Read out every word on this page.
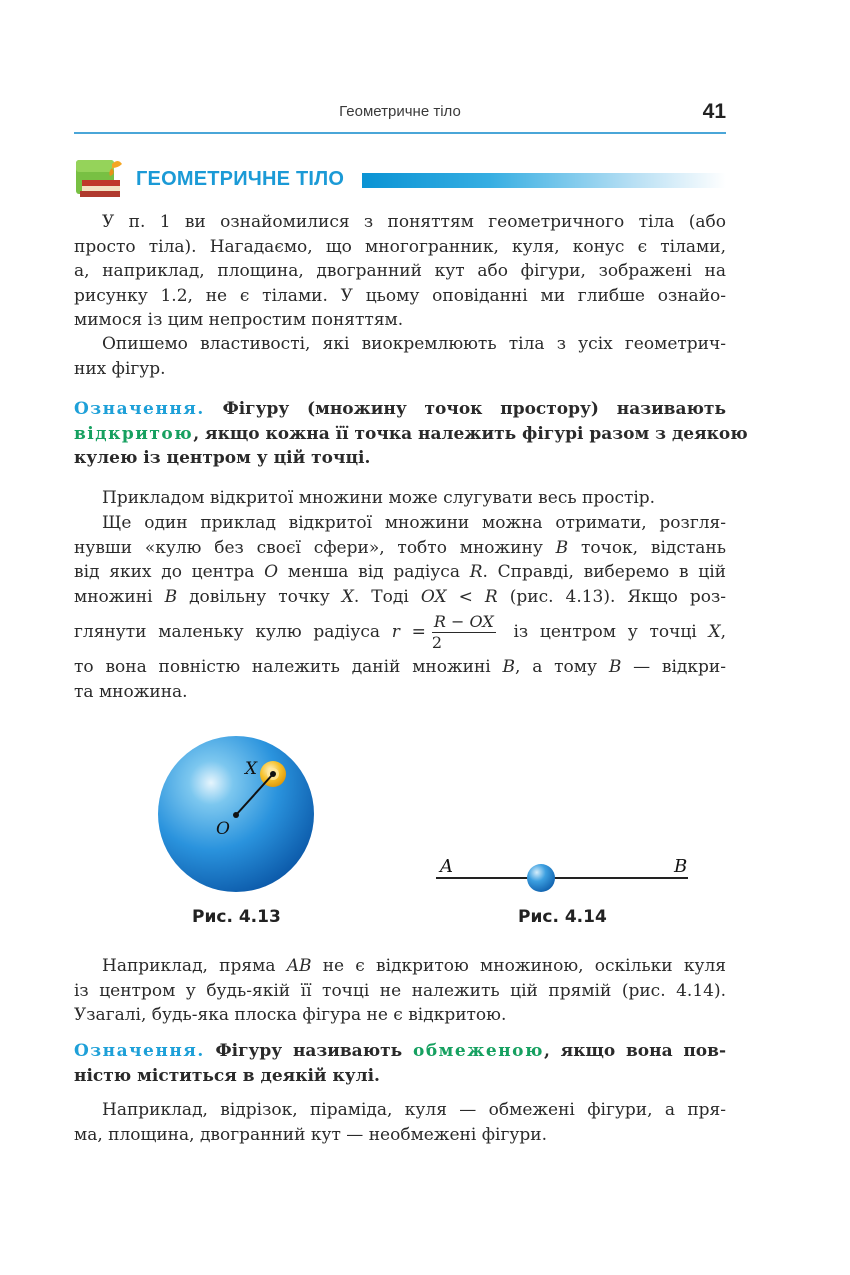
Геометричне тіло	41
ГЕОМЕТРИЧНЕ ТІЛО
У п. 1 ви ознайомилися з поняттям геометричного тіла (або
просто тіла). Нагадаємо, що многогранник, куля, конус є тілами,
а, наприклад, площина, двогранний кут або фігури, зображені на
рисунку 1.2, не є тілами. У цьому оповіданні ми глибше ознайо-
мимося із цим непростим поняттям.
Опишемо властивості, які виокремлюють тіла з усіх геометрич-
них фігур.
Означення. Фігуру (множину точок простору) називають
відкритою, якщо кожна її точка належить фігурі разом з деякою
кулею із центром у цій точці.
Прикладом відкритої множини може слугувати весь простір.
Ще один приклад відкритої множини можна отримати, розгля-
нувши «кулю без своєї сфери», тобто множину B точок, відстань
від яких до центра O менша від радіуса R. Справді, виберемо в цій
множині B довільну точку X. Тоді OX < R (рис. 4.13). Якщо роз-
глянути маленьку кулю радіуса $r = \frac{R - OX}{2}$ із центром у точці X,
то вона повністю належить даній множині B, а тому B — відкри-
та множина.
X
O
Рис. 4.13
A	B
Рис. 4.14
Наприклад, пряма AB не є відкритою множиною, оскільки куля
із центром у будь-якій її точці не належить цій прямій (рис. 4.14).
Узагалі, будь-яка плоска фігура не є відкритою.
Означення. Фігуру називають обмеженою, якщо вона пов-
ністю міститься в деякій кулі.
Наприклад, відрізок, піраміда, куля — обмежені фігури, а пря-
ма, площина, двогранний кут — необмежені фігури.
